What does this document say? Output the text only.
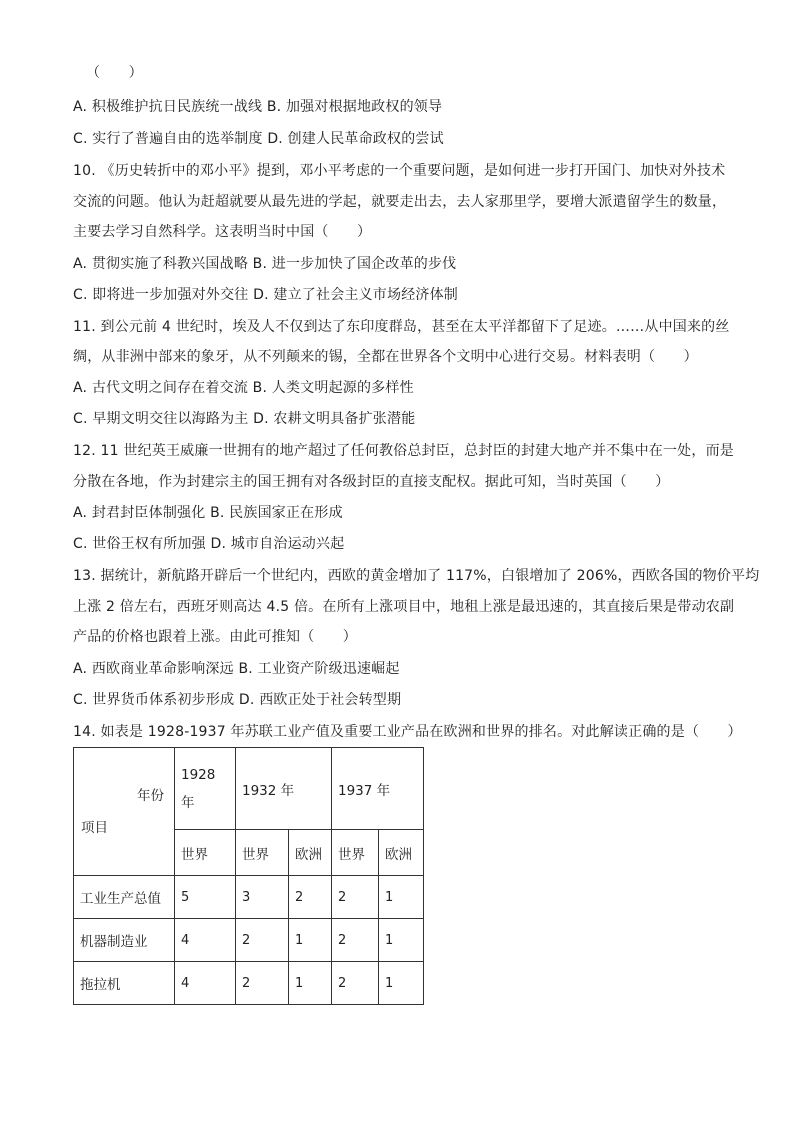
（　　）
A. 积极维护抗日民族统一战线 B. 加强对根据地政权的领导
C. 实行了普遍自由的选举制度 D. 创建人民革命政权的尝试
10. 《历史转折中的邓小平》提到，邓小平考虑的一个重要问题，是如何进一步打开国门、加快对外技术
交流的问题。他认为赶超就要从最先进的学起，就要走出去，去人家那里学，要增大派遣留学生的数量，
主要去学习自然科学。这表明当时中国（　　）
A. 贯彻实施了科教兴国战略 B. 进一步加快了国企改革的步伐
C. 即将进一步加强对外交往 D. 建立了社会主义市场经济体制
11. 到公元前 4 世纪时，埃及人不仅到达了东印度群岛，甚至在太平洋都留下了足迹。……从中国来的丝
绸，从非洲中部来的象牙，从不列颠来的锡，全都在世界各个文明中心进行交易。材料表明（　　）
A. 古代文明之间存在着交流 B. 人类文明起源的多样性
C. 早期文明交往以海路为主 D. 农耕文明具备扩张潜能
12. 11 世纪英王威廉一世拥有的地产超过了任何教俗总封臣，总封臣的封建大地产并不集中在一处，而是
分散在各地，作为封建宗主的国王拥有对各级封臣的直接支配权。据此可知，当时英国（　　）
A. 封君封臣体制强化 B. 民族国家正在形成
C. 世俗王权有所加强 D. 城市自治运动兴起
13. 据统计，新航路开辟后一个世纪内，西欧的黄金增加了 117%，白银增加了 206%，西欧各国的物价平均
上涨 2 倍左右，西班牙则高达 4.5 倍。在所有上涨项目中，地租上涨是最迅速的，其直接后果是带动农副
产品的价格也跟着上涨。由此可推知（　　）
A. 西欧商业革命影响深远 B. 工业资产阶级迅速崛起
C. 世界货币体系初步形成 D. 西欧正处于社会转型期
14. 如表是 1928-1937 年苏联工业产值及重要工业产品在欧洲和世界的排名。对此解读正确的是（　　）
年份
项目	1928 年	1932 年		1937 年	
	世界	世界	欧洲	世界	欧洲
工业生产总值	5	3	2	2	1
机器制造业	4	2	1	2	1
拖拉机	4	2	1	2	1
